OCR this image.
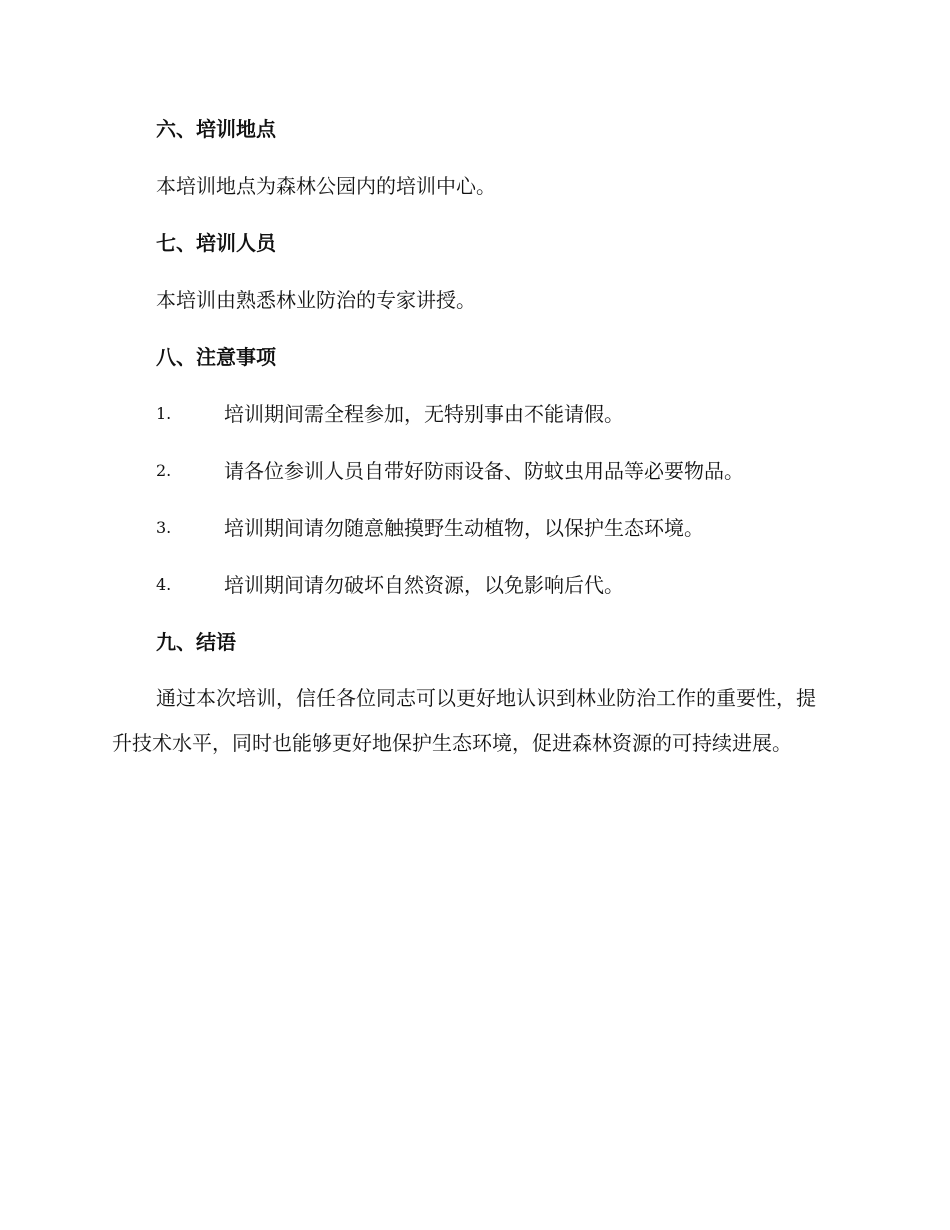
六、培训地点
本培训地点为森林公园内的培训中心。
七、培训人员
本培训由熟悉林业防治的专家讲授。
八、注意事项
1.	培训期间需全程参加，无特别事由不能请假。
2.	请各位参训人员自带好防雨设备、防蚊虫用品等必要物品。
3.	培训期间请勿随意触摸野生动植物，以保护生态环境。
4.	培训期间请勿破坏自然资源，以免影响后代。
九、结语

通过本次培训，信任各位同志可以更好地认识到林业防治工作的重要性，提升技术水平，同时也能够更好地保护生态环境，促进森林资源的可持续进展。
